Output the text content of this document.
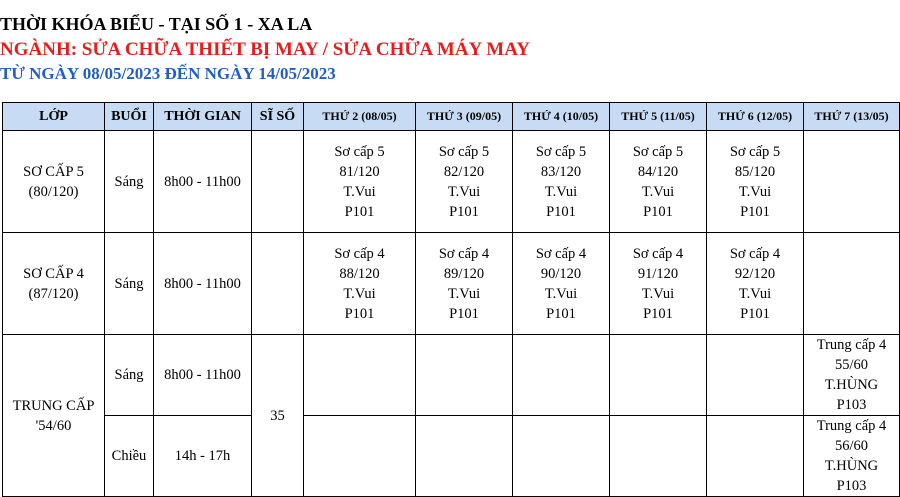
THỜI KHÓA BIỂU - TẠI SỐ 1 - XA LA
NGÀNH: SỬA CHỮA THIẾT BỊ MAY / SỬA CHỮA MÁY MAY
TỪ NGÀY 08/05/2023 ĐẾN NGÀY 14/05/2023
LỚP	BUỔI	THỜI GIAN	SĨ SỐ	THỨ 2 (08/05)	THỨ 3 (09/05)	THỨ 4 (10/05)	THỨ 5 (11/05)	THỨ 6 (12/05)	THỨ 7 (13/05)

SƠ CẤP 5
(80/120)	Sáng	8h00 - 11h00		Sơ cấp 5
81/120
T.Vui
P101	Sơ cấp 5
82/120
T.Vui
P101	Sơ cấp 5
83/120
T.Vui
P101	Sơ cấp 5
84/120
T.Vui
P101	Sơ cấp 5
85/120
T.Vui
P101	

SƠ CẤP 4
(87/120)	Sáng	8h00 - 11h00		Sơ cấp 4
88/120
T.Vui
P101	Sơ cấp 4
89/120
T.Vui
P101	Sơ cấp 4
90/120
T.Vui
P101	Sơ cấp 4
91/120
T.Vui
P101	Sơ cấp 4
92/120
T.Vui
P101	

TRUNG CẤP
'54/60	Sáng	8h00 - 11h00	35						Trung cấp 4
55/60
T.HÙNG
P103

	Chiều	14h - 17h							Trung cấp 4
56/60
T.HÙNG
P103
